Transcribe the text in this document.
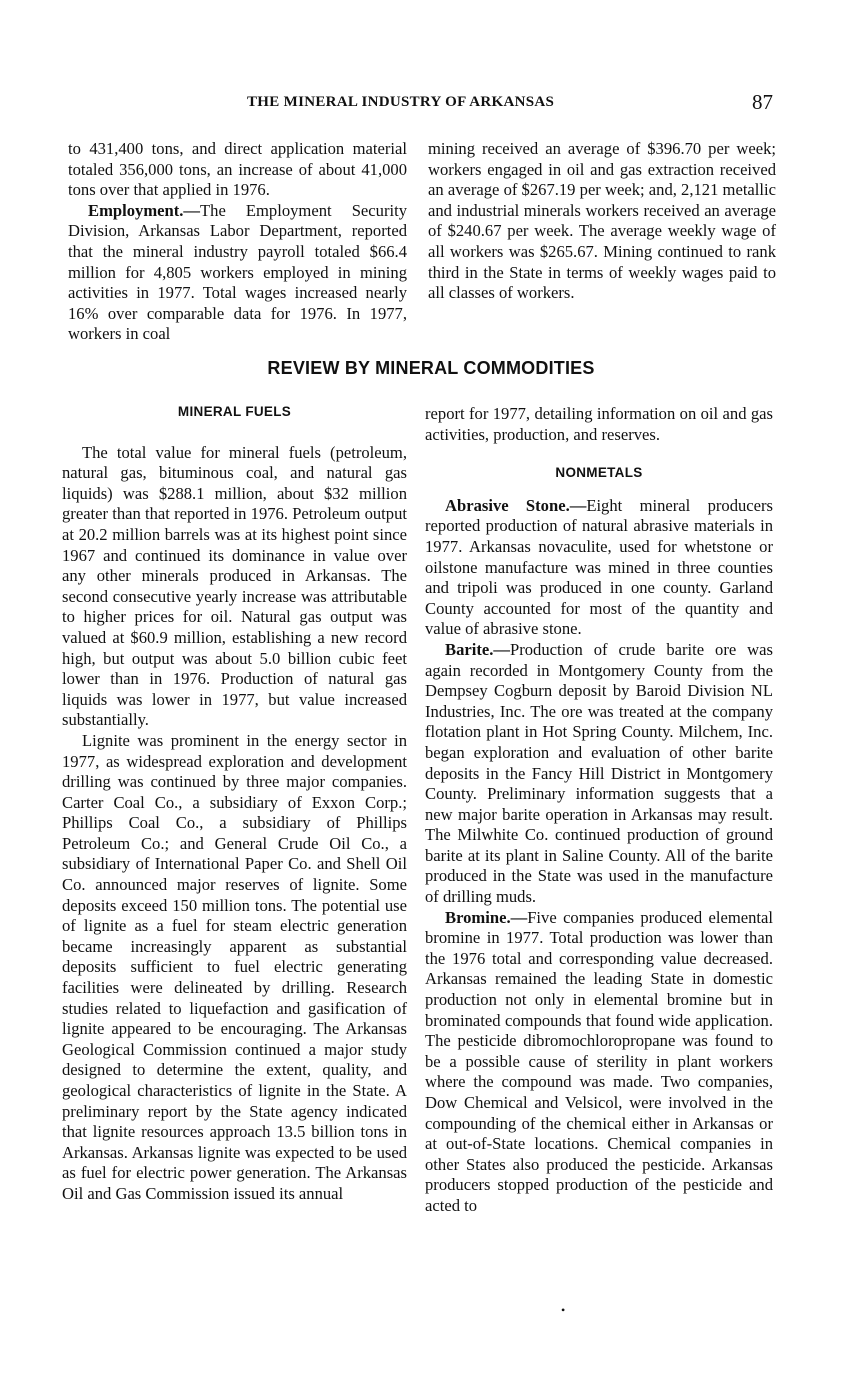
THE MINERAL INDUSTRY OF ARKANSAS	87

to 431,400 tons, and direct application material totaled 356,000 tons, an increase of about 41,000 tons over that applied in 1976.

Employment.—The Employment Security Division, Arkansas Labor Department, reported that the mineral industry payroll totaled $66.4 million for 4,805 workers employed in mining activities in 1977. Total wages increased nearly 16% over comparable data for 1976. In 1977, workers in coal

mining received an average of $396.70 per week; workers engaged in oil and gas extraction received an average of $267.19 per week; and, 2,121 metallic and industrial minerals workers received an average of $240.67 per week. The average weekly wage of all workers was $265.67. Mining continued to rank third in the State in terms of weekly wages paid to all classes of workers.

REVIEW BY MINERAL COMMODITIES
MINERAL FUELS

The total value for mineral fuels (petroleum, natural gas, bituminous coal, and natural gas liquids) was $288.1 million, about $32 million greater than that reported in 1976. Petroleum output at 20.2 million barrels was at its highest point since 1967 and continued its dominance in value over any other minerals produced in Arkansas. The second consecutive yearly increase was attributable to higher prices for oil. Natural gas output was valued at $60.9 million, establishing a new record high, but output was about 5.0 billion cubic feet lower than in 1976. Production of natural gas liquids was lower in 1977, but value increased substantially.

Lignite was prominent in the energy sector in 1977, as widespread exploration and development drilling was continued by three major companies. Carter Coal Co., a subsidiary of Exxon Corp.; Phillips Coal Co., a subsidiary of Phillips Petroleum Co.; and General Crude Oil Co., a subsidiary of International Paper Co. and Shell Oil Co. announced major reserves of lignite. Some deposits exceed 150 million tons. The potential use of lignite as a fuel for steam electric generation became increasingly apparent as substantial deposits sufficient to fuel electric generating facilities were delineated by drilling. Research studies related to liquefaction and gasification of lignite appeared to be encouraging. The Arkansas Geological Commission continued a major study designed to determine the extent, quality, and geological characteristics of lignite in the State. A preliminary report by the State agency indicated that lignite resources approach 13.5 billion tons in Arkansas. Arkansas lignite was expected to be used as fuel for electric power generation. The Arkansas Oil and Gas Commission issued its annual

report for 1977, detailing information on oil and gas activities, production, and reserves.

NONMETALS

Abrasive Stone.—Eight mineral producers reported production of natural abrasive materials in 1977. Arkansas novaculite, used for whetstone or oilstone manufacture was mined in three counties and tripoli was produced in one county. Garland County accounted for most of the quantity and value of abrasive stone.

Barite.—Production of crude barite ore was again recorded in Montgomery County from the Dempsey Cogburn deposit by Baroid Division NL Industries, Inc. The ore was treated at the company flotation plant in Hot Spring County. Milchem, Inc. began exploration and evaluation of other barite deposits in the Fancy Hill District in Montgomery County. Preliminary information suggests that a new major barite operation in Arkansas may result. The Milwhite Co. continued production of ground barite at its plant in Saline County. All of the barite produced in the State was used in the manufacture of drilling muds.

Bromine.—Five companies produced elemental bromine in 1977. Total production was lower than the 1976 total and corresponding value decreased. Arkansas remained the leading State in domestic production not only in elemental bromine but in brominated compounds that found wide application. The pesticide dibromochloropropane was found to be a possible cause of sterility in plant workers where the compound was made. Two companies, Dow Chemical and Velsicol, were involved in the compounding of the chemical either in Arkansas or at out-of-State locations. Chemical companies in other States also produced the pesticide. Arkansas producers stopped production of the pesticide and acted to

•
